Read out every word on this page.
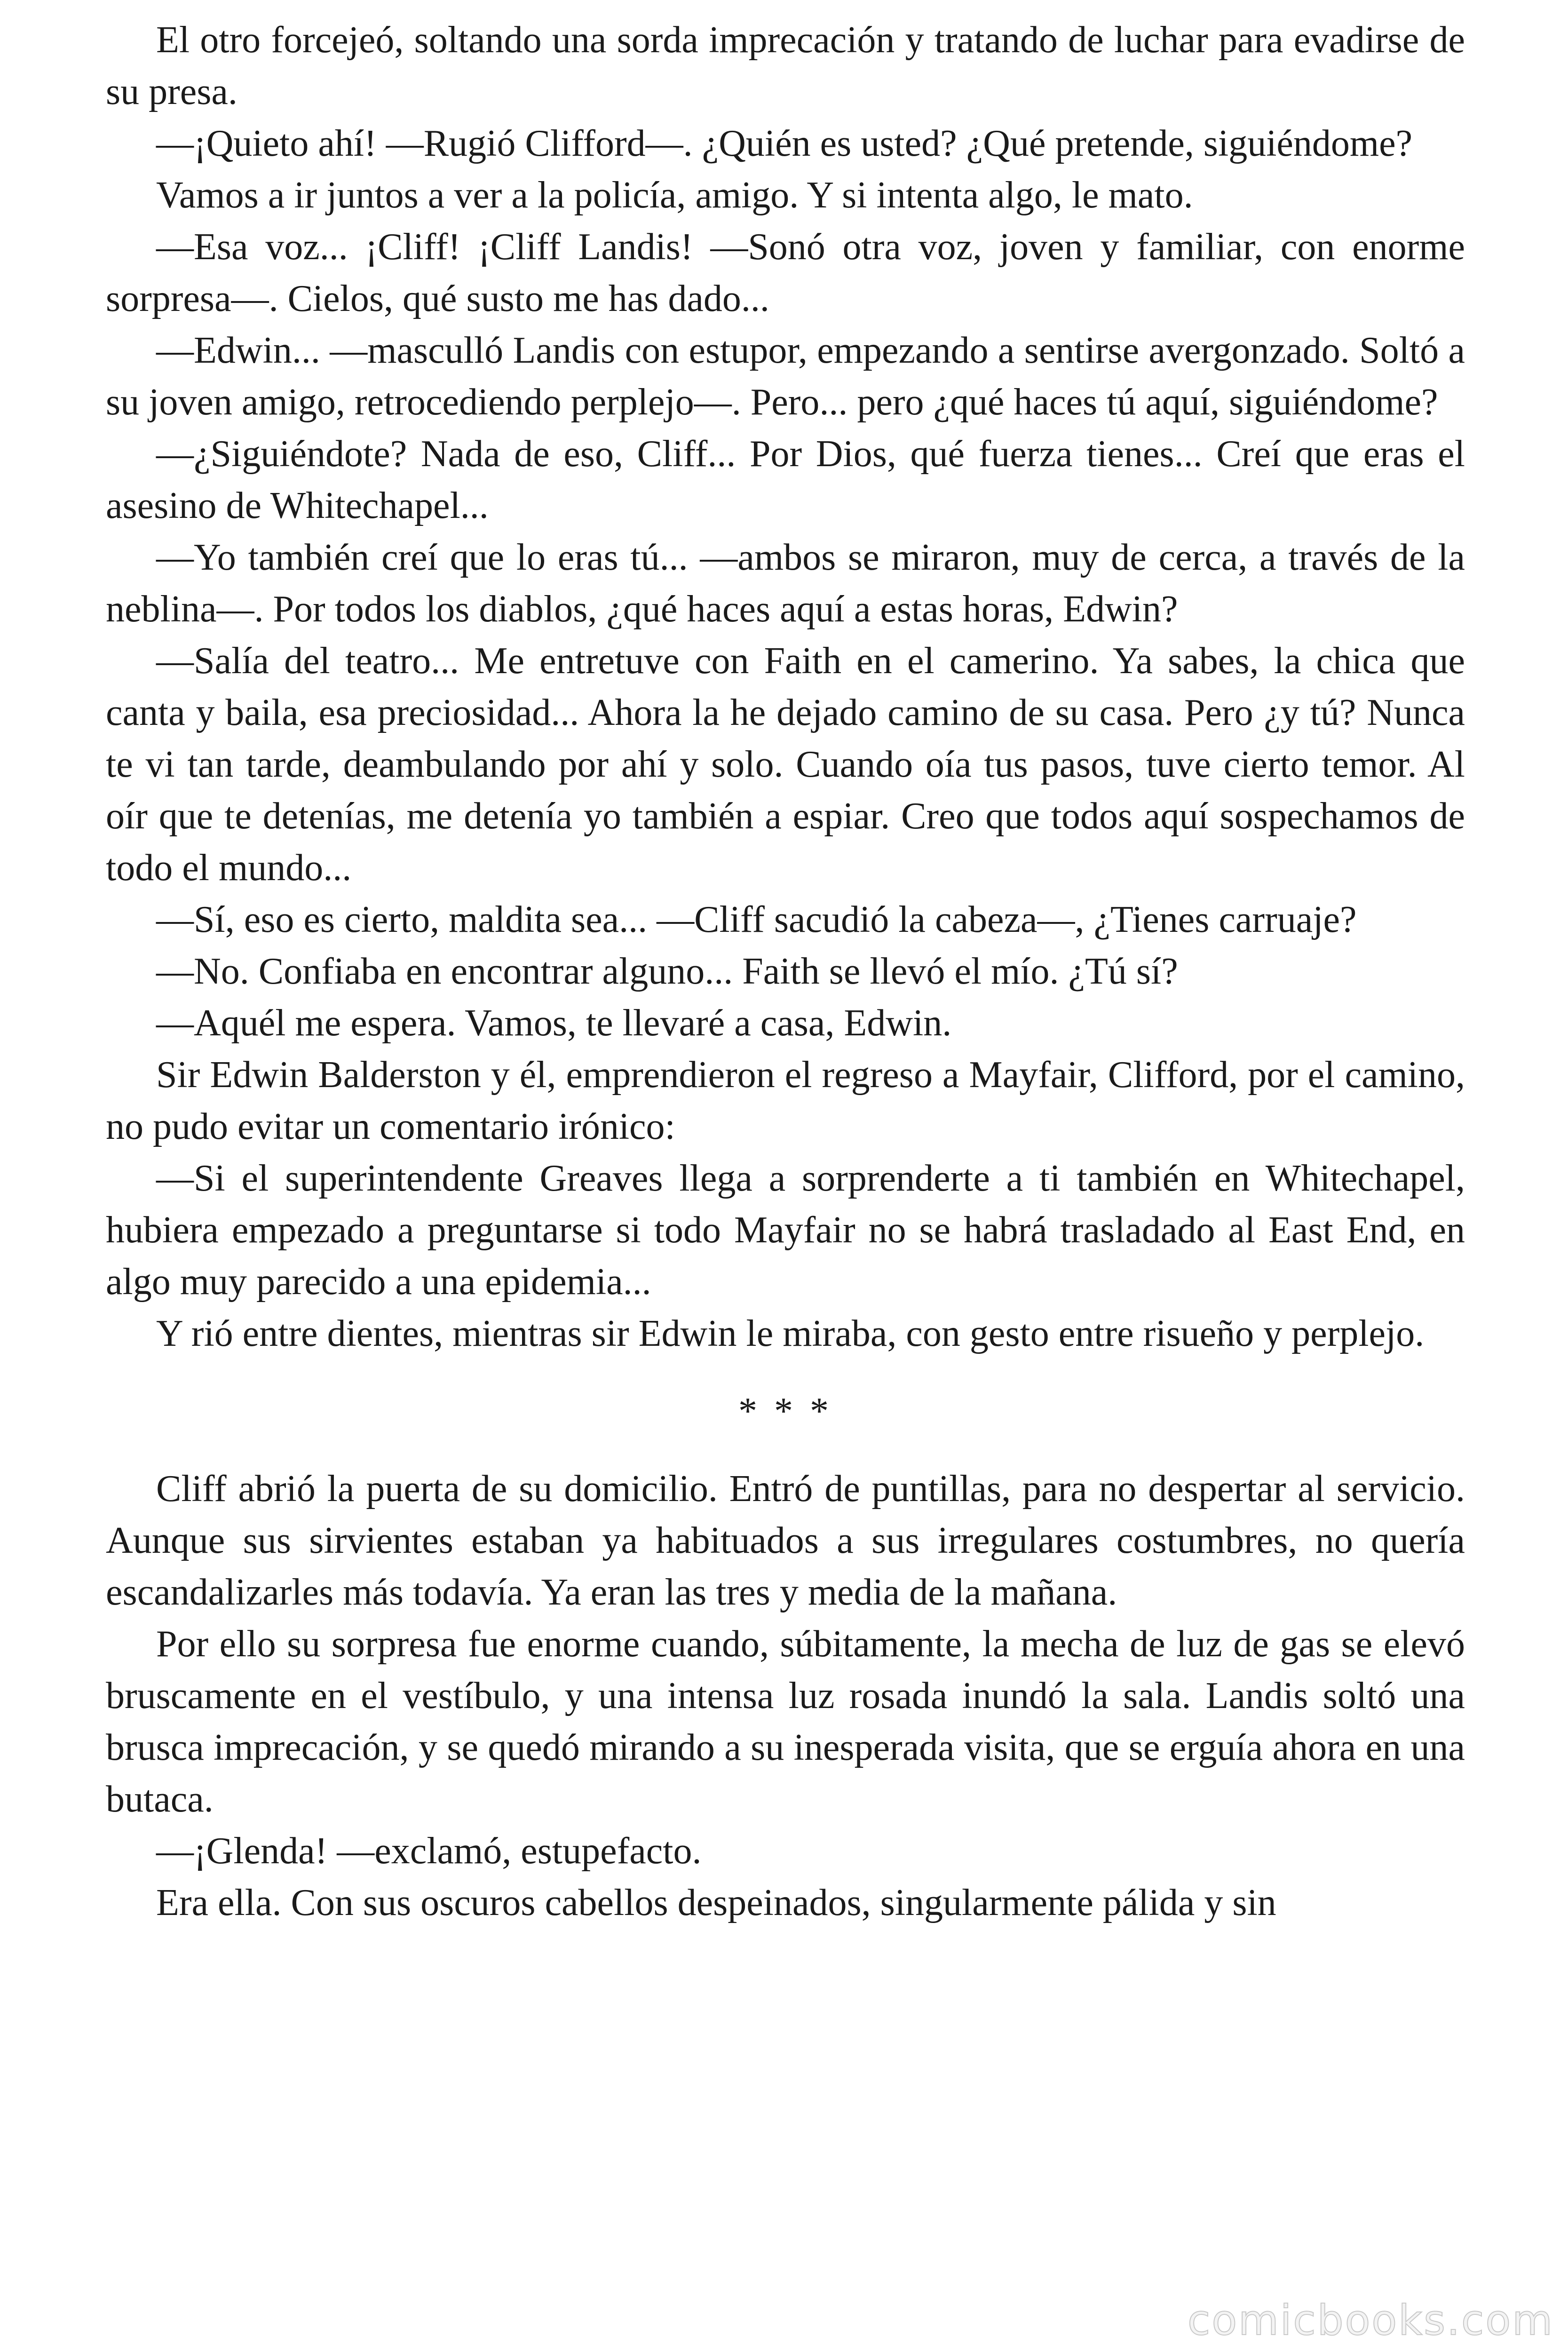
El otro forcejeó, soltando una sorda imprecación y tratando de luchar para evadirse de su presa.

—¡Quieto ahí! —Rugió Clifford—. ¿Quién es usted? ¿Qué pretende, siguiéndome?

Vamos a ir juntos a ver a la policía, amigo. Y si intenta algo, le mato.

—Esa voz... ¡Cliff! ¡Cliff Landis! —Sonó otra voz, joven y familiar, con enorme sorpresa—. Cielos, qué susto me has dado...

—Edwin... —masculló Landis con estupor, empezando a sentirse avergonzado. Soltó a su joven amigo, retrocediendo perplejo—. Pero... pero ¿qué haces tú aquí, siguiéndome?

—¿Siguiéndote? Nada de eso, Cliff... Por Dios, qué fuerza tienes... Creí que eras el asesino de Whitechapel...

—Yo también creí que lo eras tú... —ambos se miraron, muy de cerca, a través de la neblina—. Por todos los diablos, ¿qué haces aquí a estas horas, Edwin?

—Salía del teatro... Me entretuve con Faith en el camerino. Ya sabes, la chica que canta y baila, esa preciosidad... Ahora la he dejado camino de su casa. Pero ¿y tú? Nunca te vi tan tarde, deambulando por ahí y solo. Cuando oía tus pasos, tuve cierto temor. Al oír que te detenías, me detenía yo también a espiar. Creo que todos aquí sospechamos de todo el mundo...

—Sí, eso es cierto, maldita sea... —Cliff sacudió la cabeza—, ¿Tienes carruaje?

—No. Confiaba en encontrar alguno... Faith se llevó el mío. ¿Tú sí?

—Aquél me espera. Vamos, te llevaré a casa, Edwin.

Sir Edwin Balderston y él, emprendieron el regreso a Mayfair, Clifford, por el camino, no pudo evitar un comentario irónico:

—Si el superintendente Greaves llega a sorprenderte a ti también en Whitechapel, hubiera empezado a preguntarse si todo Mayfair no se habrá trasladado al East End, en algo muy parecido a una epidemia...

Y rió entre dientes, mientras sir Edwin le miraba, con gesto entre risueño y perplejo.

* * *

Cliff abrió la puerta de su domicilio. Entró de puntillas, para no despertar al servicio. Aunque sus sirvientes estaban ya habituados a sus irregulares costumbres, no quería escandalizarles más todavía. Ya eran las tres y media de la mañana.

Por ello su sorpresa fue enorme cuando, súbitamente, la mecha de luz de gas se elevó bruscamente en el vestíbulo, y una intensa luz rosada inundó la sala. Landis soltó una brusca imprecación, y se quedó mirando a su inesperada visita, que se erguía ahora en una butaca.

—¡Glenda! —exclamó, estupefacto.

Era ella. Con sus oscuros cabellos despeinados, singularmente pálida y sin

comicbooks.com
